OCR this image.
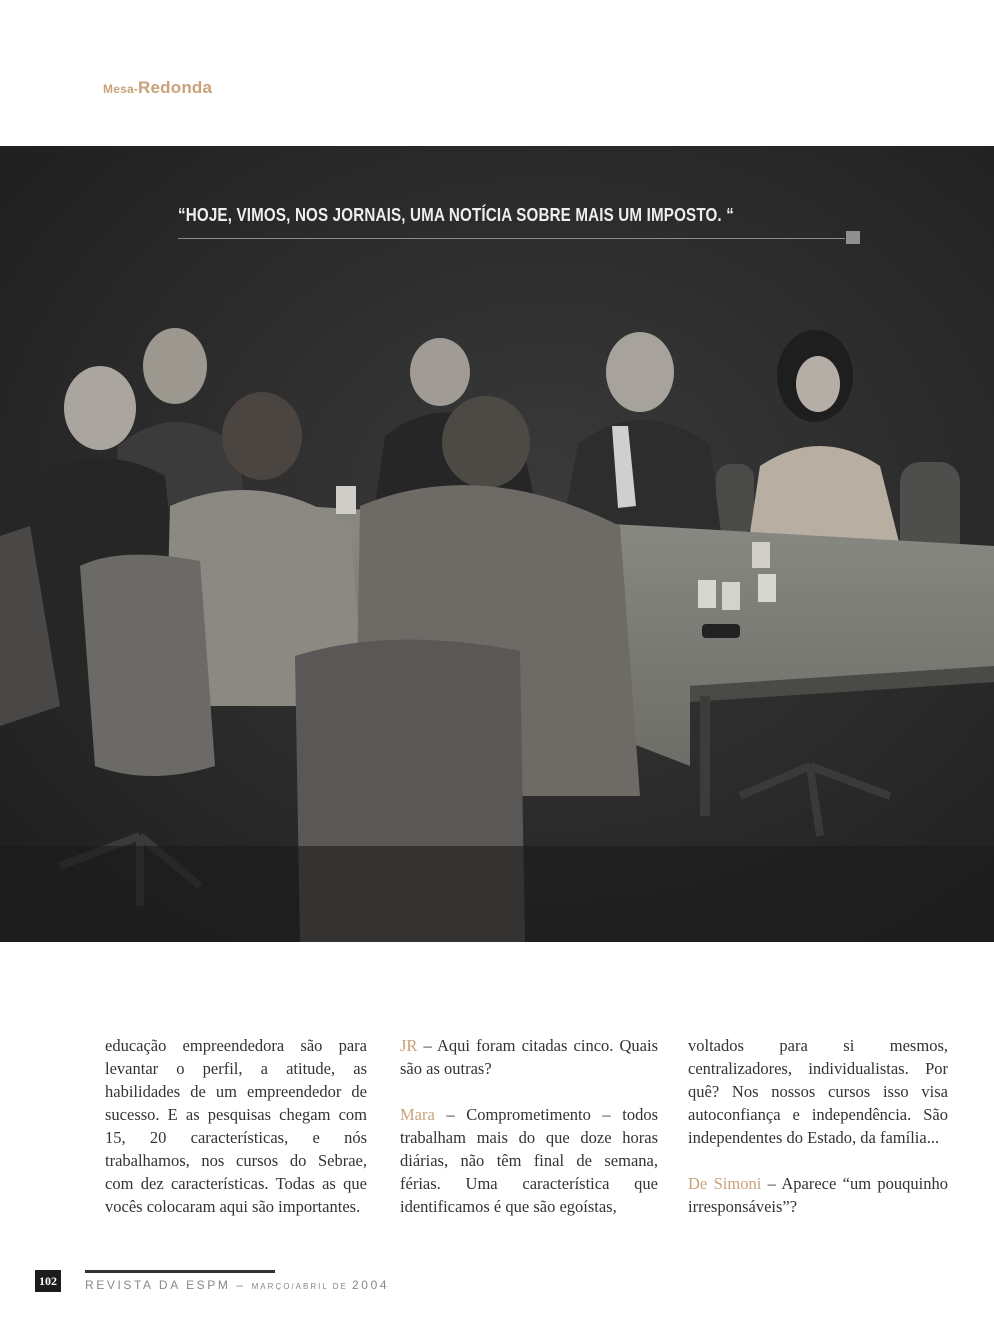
Mesa-Redonda
“HOJE, VIMOS, NOS JORNAIS, UMA NOTÍCIA SOBRE MAIS UM IMPOSTO. “

educação empreendedora são para levantar o perfil, a atitude, as habilidades de um empreendedor de sucesso. E as pesquisas chegam com 15, 20 características, e nós trabalhamos, nos cursos do Sebrae, com dez características. Todas as que vocês colocaram aqui são importantes.

JR – Aqui foram citadas cinco. Quais são as outras?

Mara – Comprometimento – todos trabalham mais do que doze horas diárias, não têm final de semana, férias. Uma característica que identificamos é que são egoístas,

voltados para si mesmos, centralizadores, individualistas. Por quê? Nos nossos cursos isso visa autoconfiança e independência. São independentes do Estado, da família...

De Simoni – Aparece “um pouquinho irresponsáveis”?

102	REVISTA DA ESPM – MARÇO/ABRIL DE 2004
